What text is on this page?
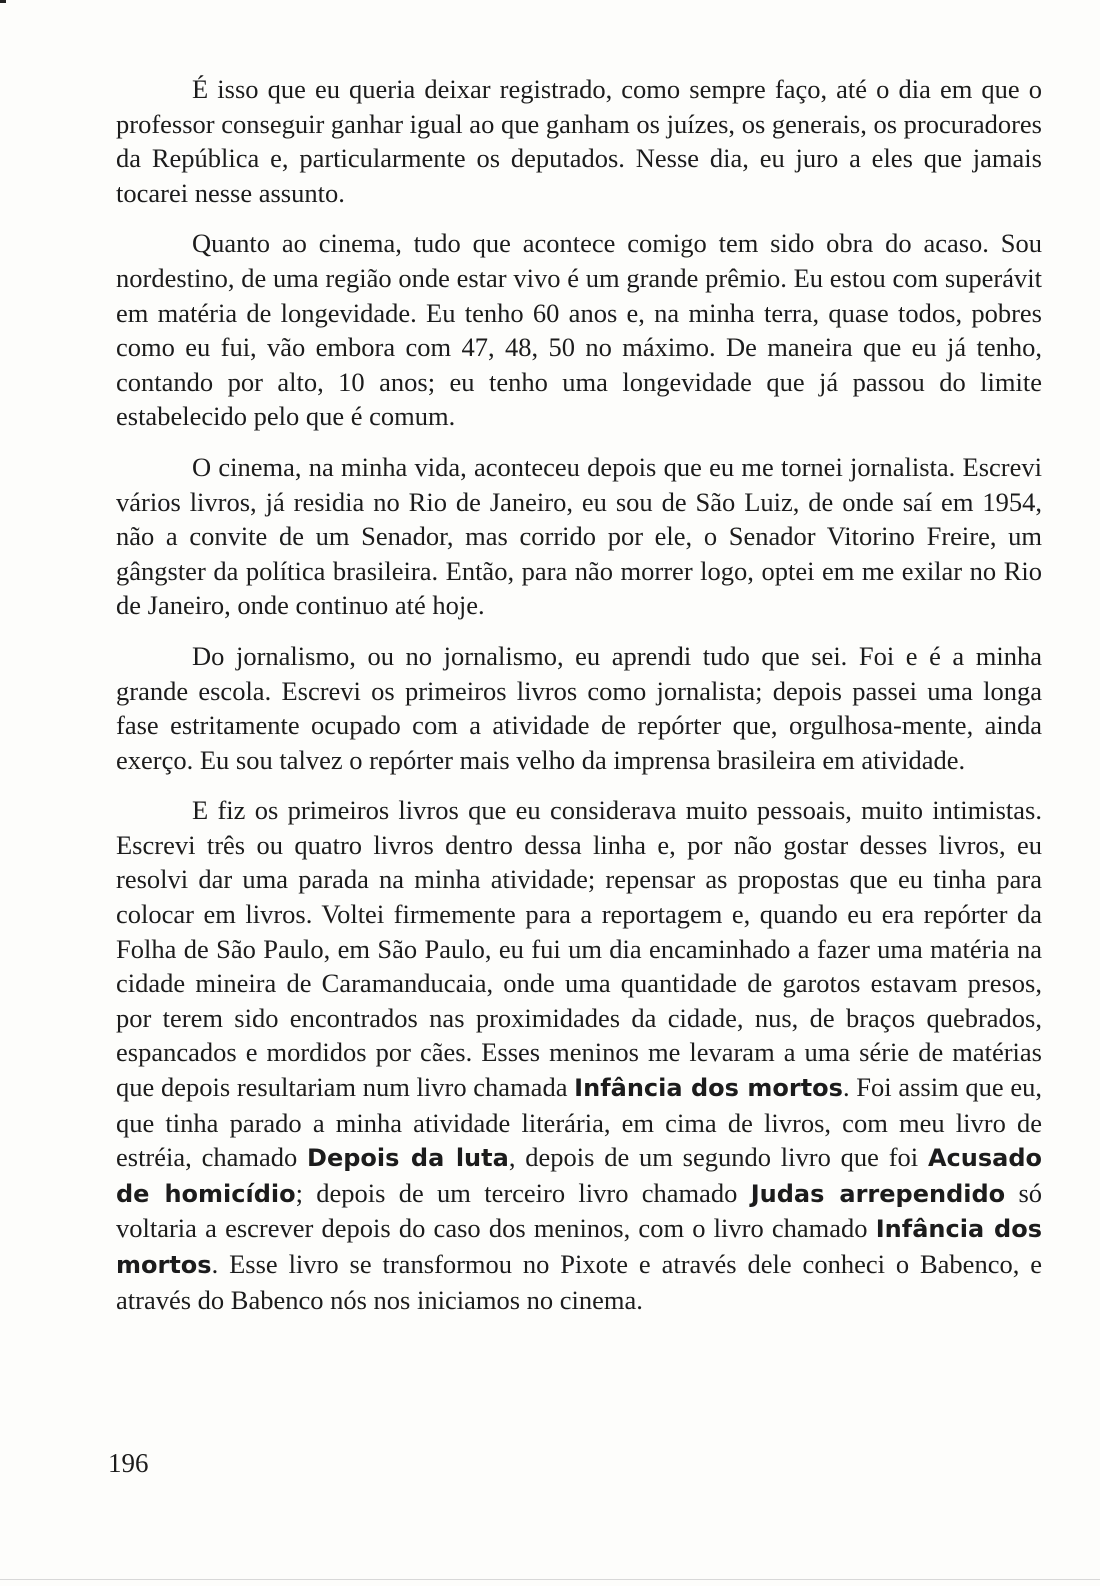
É isso que eu queria deixar registrado, como sempre faço, até o dia em que o professor conseguir ganhar igual ao que ganham os juízes, os generais, os procuradores da República e, particularmente os deputados. Nesse dia, eu juro a eles que jamais tocarei nesse assunto.

Quanto ao cinema, tudo que acontece comigo tem sido obra do acaso. Sou nordestino, de uma região onde estar vivo é um grande prêmio. Eu estou com superávit em matéria de longevidade. Eu tenho 60 anos e, na minha terra, quase todos, pobres como eu fui, vão embora com 47, 48, 50 no máximo. De maneira que eu já tenho, contando por alto, 10 anos; eu tenho uma longevidade que já passou do limite estabelecido pelo que é comum.

O cinema, na minha vida, aconteceu depois que eu me tornei jornalista. Escrevi vários livros, já residia no Rio de Janeiro, eu sou de São Luiz, de onde saí em 1954, não a convite de um Senador, mas corrido por ele, o Senador Vitorino Freire, um gângster da política brasileira. Então, para não morrer logo, optei em me exilar no Rio de Janeiro, onde continuo até hoje.

Do jornalismo, ou no jornalismo, eu aprendi tudo que sei. Foi e é a minha grande escola. Escrevi os primeiros livros como jornalista; depois passei uma longa fase estritamente ocupado com a atividade de repórter que, orgulhosa-mente, ainda exerço. Eu sou talvez o repórter mais velho da imprensa brasileira em atividade.

E fiz os primeiros livros que eu considerava muito pessoais, muito intimistas. Escrevi três ou quatro livros dentro dessa linha e, por não gostar desses livros, eu resolvi dar uma parada na minha atividade; repensar as propostas que eu tinha para colocar em livros. Voltei firmemente para a reportagem e, quando eu era repórter da Folha de São Paulo, em São Paulo, eu fui um dia encaminhado a fazer uma matéria na cidade mineira de Caramanducaia, onde uma quantidade de garotos estavam presos, por terem sido encontrados nas proximidades da cidade, nus, de braços quebrados, espancados e mordidos por cães. Esses meninos me levaram a uma série de matérias que depois resultariam num livro chamada Infância dos mortos. Foi assim que eu, que tinha parado a minha atividade literária, em cima de livros, com meu livro de estréia, chamado Depois da luta, depois de um segundo livro que foi Acusado de homicídio; depois de um terceiro livro chamado Judas arrependido só voltaria a escrever depois do caso dos meninos, com o livro chamado Infância dos mortos. Esse livro se transformou no Pixote e através dele conheci o Babenco, e através do Babenco nós nos iniciamos no cinema.

196
